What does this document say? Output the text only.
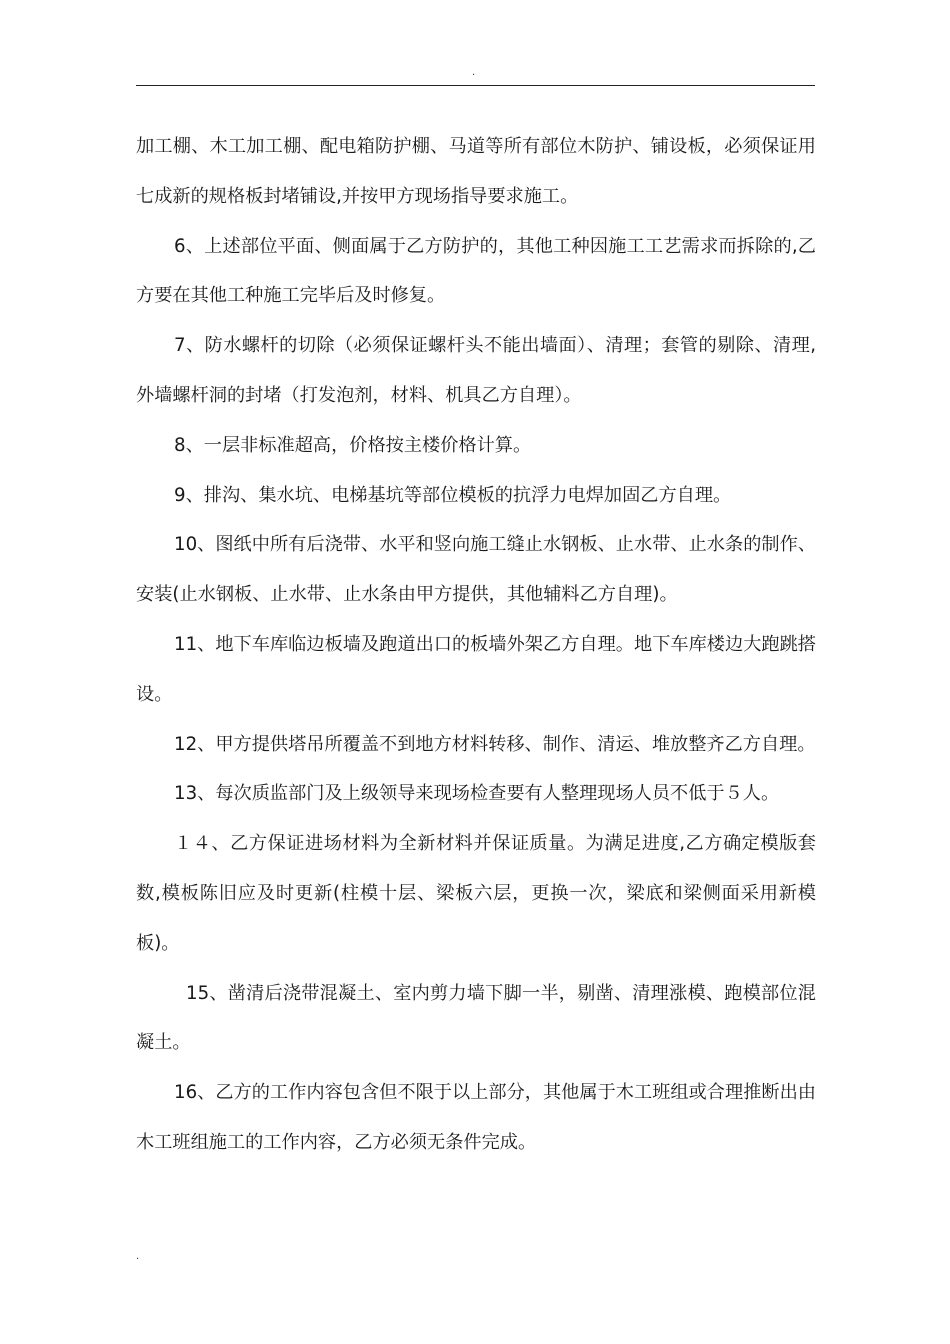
.

加工棚、木工加工棚、配电箱防护棚、马道等所有部位木防护、铺设板，必须保证用七成新的规格板封堵铺设,并按甲方现场指导要求施工。

6、上述部位平面、侧面属于乙方防护的，其他工种因施工工艺需求而拆除的,乙方要在其他工种施工完毕后及时修复。

7、防水螺杆的切除（必须保证螺杆头不能出墙面）、清理；套管的剔除、清理,外墙螺杆洞的封堵（打发泡剂，材料、机具乙方自理）。

8、一层非标准超高，价格按主楼价格计算。

9、排沟、集水坑、电梯基坑等部位模板的抗浮力电焊加固乙方自理。

10、图纸中所有后浇带、水平和竖向施工缝止水钢板、止水带、止水条的制作、安装(止水钢板、止水带、止水条由甲方提供，其他辅料乙方自理)。

11、地下车库临边板墙及跑道出口的板墙外架乙方自理。地下车库楼边大跑跳搭设。

12、甲方提供塔吊所覆盖不到地方材料转移、制作、清运、堆放整齐乙方自理。

13、每次质监部门及上级领导来现场检查要有人整理现场人员不低于５人。

１４、乙方保证进场材料为全新材料并保证质量。为满足进度,乙方确定模版套数,模板陈旧应及时更新(柱模十层、梁板六层，更换一次，梁底和梁侧面采用新模板)。

15、凿清后浇带混凝土、室内剪力墙下脚一半，剔凿、清理涨模、跑模部位混凝土。

16、乙方的工作内容包含但不限于以上部分，其他属于木工班组或合理推断出由木工班组施工的工作内容，乙方必须无条件完成。

.
